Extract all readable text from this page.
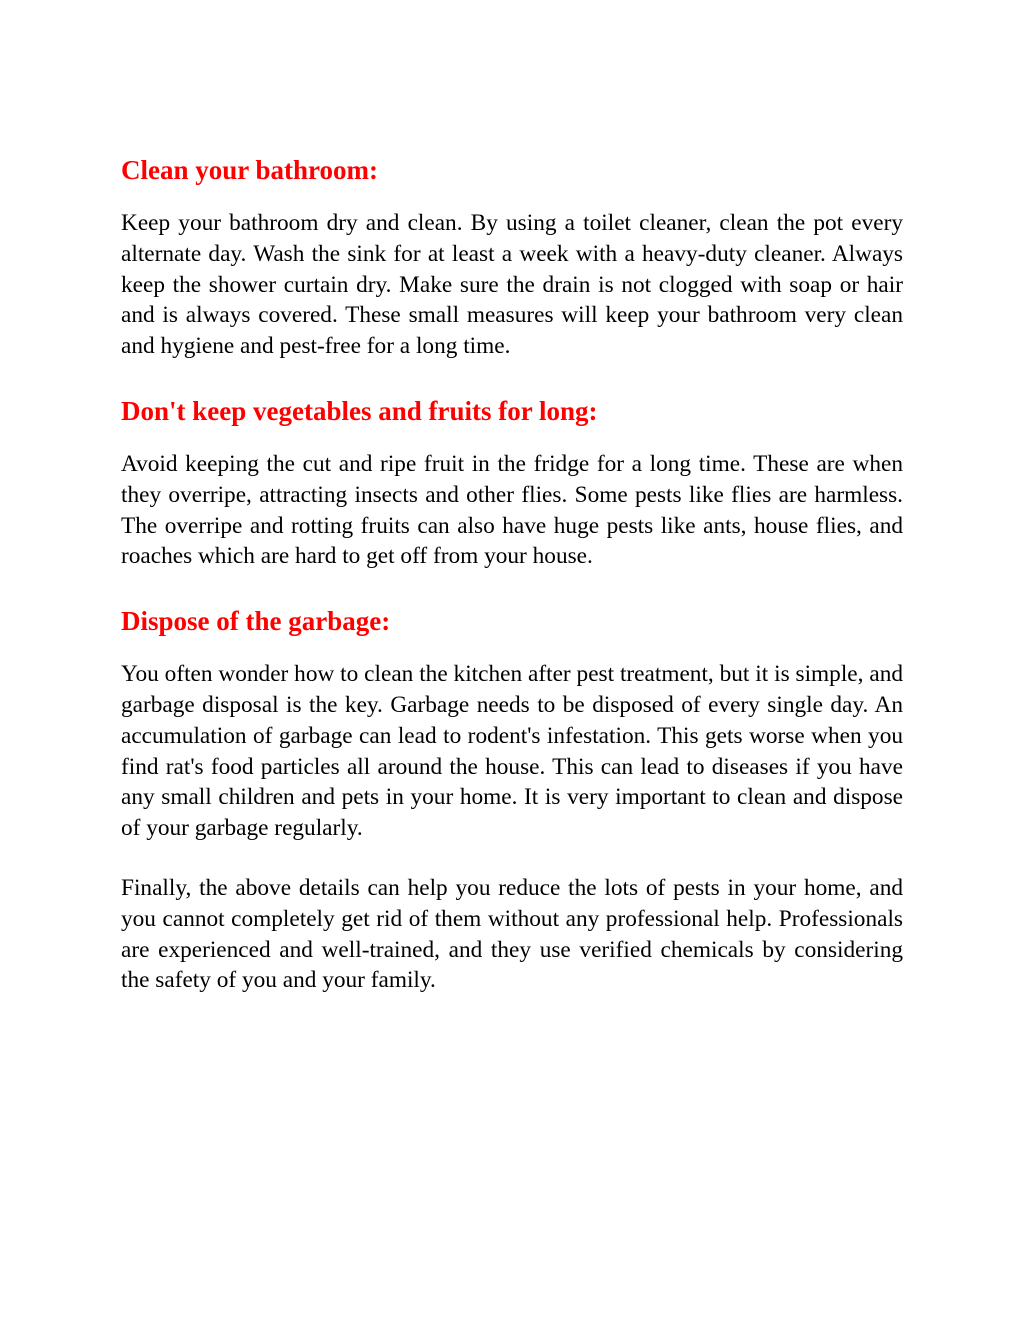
Clean your bathroom:
Keep your bathroom dry and clean. By using a toilet cleaner, clean the pot every alternate day. Wash the sink for at least a week with a heavy-duty cleaner. Always keep the shower curtain dry. Make sure the drain is not clogged with soap or hair and is always covered. These small measures will keep your bathroom very clean and hygiene and pest-free for a long time.
Don't keep vegetables and fruits for long:
Avoid keeping the cut and ripe fruit in the fridge for a long time. These are when they overripe, attracting insects and other flies. Some pests like flies are harmless. The overripe and rotting fruits can also have huge pests like ants, house flies, and roaches which are hard to get off from your house.
Dispose of the garbage:
You often wonder how to clean the kitchen after pest treatment, but it is simple, and garbage disposal is the key. Garbage needs to be disposed of every single day. An accumulation of garbage can lead to rodent's infestation. This gets worse when you find rat's food particles all around the house. This can lead to diseases if you have any small children and pets in your home. It is very important to clean and dispose of your garbage regularly.
Finally, the above details can help you reduce the lots of pests in your home, and you cannot completely get rid of them without any professional help. Professionals are experienced and well-trained, and they use verified chemicals by considering the safety of you and your family.
